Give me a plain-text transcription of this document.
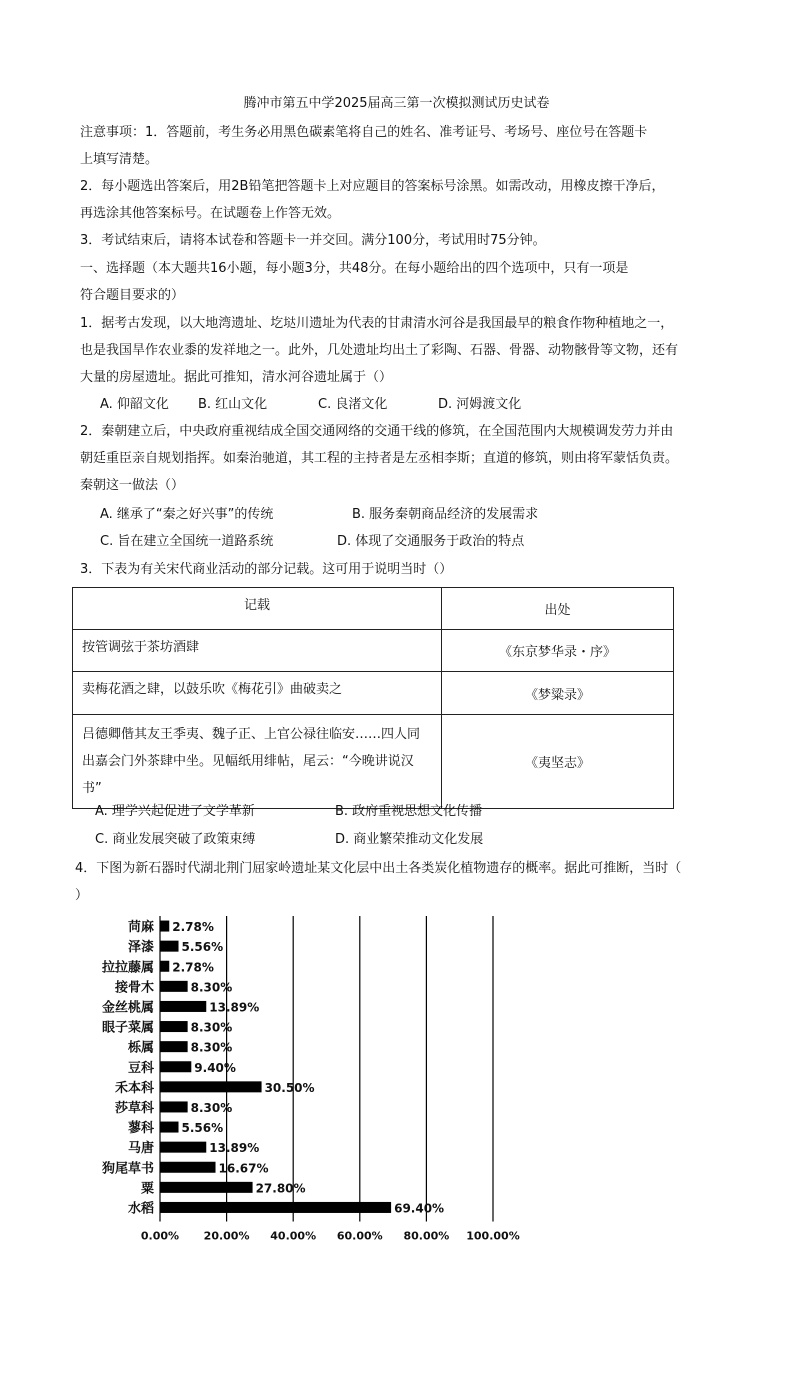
腾冲市第五中学2025届高三第一次模拟测试历史试卷
注意事项：1．答题前，考生务必用黑色碳素笔将自己的姓名、准考证号、考场号、座位号在答题卡
上填写清楚。
2．每小题选出答案后，用2B铅笔把答题卡上对应题目的答案标号涂黑。如需改动，用橡皮擦干净后，
再选涂其他答案标号。在试题卷上作答无效。
3．考试结束后，请将本试卷和答题卡一并交回。满分100分，考试用时75分钟。
一、选择题（本大题共16小题，每小题3分，共48分。在每小题给出的四个选项中，只有一项是
符合题目要求的）
1．据考古发现，以大地湾遗址、圪垯川遗址为代表的甘肃清水河谷是我国最早的粮食作物种植地之一，
也是我国旱作农业黍的发祥地之一。此外，几处遗址均出土了彩陶、石器、骨器、动物骸骨等文物，还有
大量的房屋遗址。据此可推知，清水河谷遗址属于（）
A. 仰韶文化 B. 红山文化	C. 良渚文化	D. 河姆渡文化
2．秦朝建立后，中央政府重视结成全国交通网络的交通干线的修筑，在全国范围内大规模调发劳力并由
朝廷重臣亲自规划指挥。如秦治驰道，其工程的主持者是左丞相李斯；直道的修筑，则由将军蒙恬负责。
秦朝这一做法（）
A. 继承了“秦之好兴事”的传统	B. 服务秦朝商品经济的发展需求
C. 旨在建立全国统一道路系统	D. 体现了交通服务于政治的特点
3．下表为有关宋代商业活动的部分记载。这可用于说明当时（）
记载	出处
按管调弦于茶坊酒肆	《东京梦华录・序》
卖梅花酒之肆，以鼓乐吹《梅花引》曲破卖之	《梦粱录》
吕德卿偕其友王季夷、魏子正、上官公禄往临安……四人同出嘉会门外茶肆中坐。见幅纸用绯帖，尾云：“今晚讲说汉书”	《夷坚志》
A. 理学兴起促进了文学革新	B. 政府重视思想文化传播
C. 商业发展突破了政策束缚	D. 商业繁荣推动文化发展
4．下图为新石器时代湖北荆门屈家岭遗址某文化层中出土各类炭化植物遗存的概率。据此可推断，当时（
）
0.00% 20.00% 40.00% 60.00% 80.00% 100.00%
苘麻 2.78%
泽漆 5.56%
拉拉藤属 2.78%
接骨木	8.30%
金丝桃属	13.89%
眼子菜属	8.30%
栎属	8.30%
豆科	9.40%
禾本科	30.50%
莎草科	8.30%
蓼科 5.56%
马唐	13.89%
狗尾草书	16.67%
粟	27.80%
水稻	69.40%
